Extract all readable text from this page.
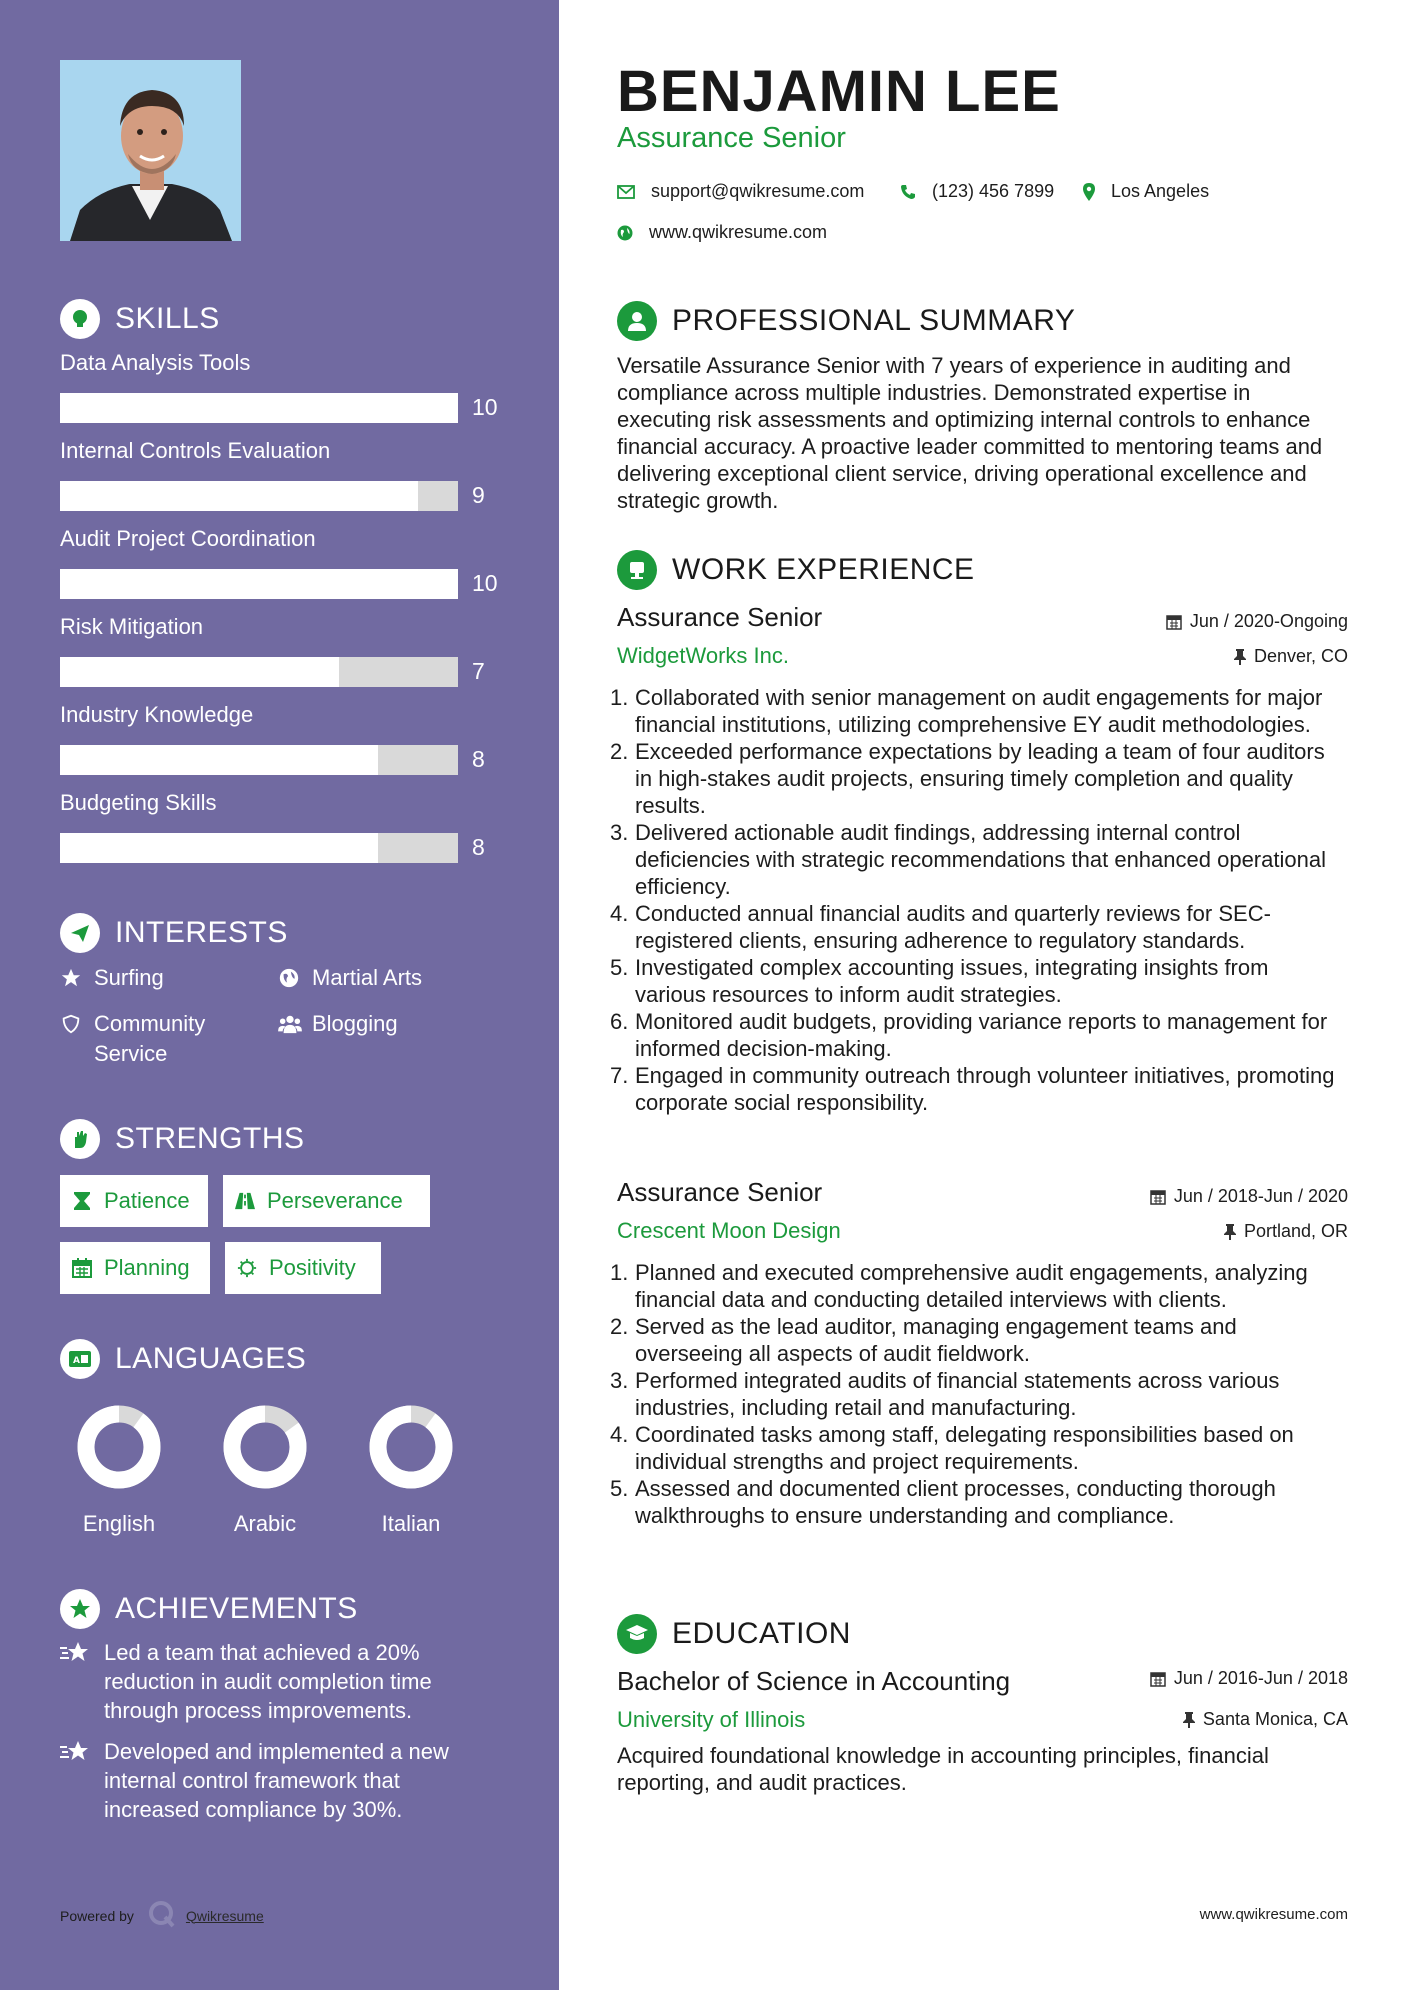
SKILLS
Data Analysis Tools
10
Internal Controls Evaluation
9
Audit Project Coordination
10
Risk Mitigation
7
Industry Knowledge
8
Budgeting Skills
8
INTERESTS
Surfing	Martial Arts
Community Service
Blogging
STRENGTHS
Patience	Perseverance
Planning	Positivity
A LANGUAGES
English	Arabic	Italian
ACHIEVEMENTS
Led a team that achieved a 20% reduction in audit completion time through process improvements.
Developed and implemented a new internal control framework that increased compliance by 30%.
Powered by	Qwikresume
BENJAMIN LEE
Assurance Senior
support@qwikresume.com	(123) 456 7899	Los Angeles
www.qwikresume.com
PROFESSIONAL SUMMARY
Versatile Assurance Senior with 7 years of experience in auditing and compliance across multiple industries. Demonstrated expertise in executing risk assessments and optimizing internal controls to enhance financial accuracy. A proactive leader committed to mentoring teams and delivering exceptional client service, driving operational excellence and strategic growth.
WORK EXPERIENCE
Assurance Senior	Jun / 2020-Ongoing
WidgetWorks Inc.	Denver, CO
1. Collaborated with senior management on audit engagements for major financial institutions, utilizing comprehensive EY audit methodologies.
2. Exceeded performance expectations by leading a team of four auditors in high-stakes audit projects, ensuring timely completion and quality results.
3. Delivered actionable audit findings, addressing internal control deficiencies with strategic recommendations that enhanced operational efficiency.
4. Conducted annual financial audits and quarterly reviews for SEC-registered clients, ensuring adherence to regulatory standards.
5. Investigated complex accounting issues, integrating insights from various resources to inform audit strategies.
6. Monitored audit budgets, providing variance reports to management for informed decision-making.
7. Engaged in community outreach through volunteer initiatives, promoting corporate social responsibility.
Assurance Senior	Jun / 2018-Jun / 2020
Crescent Moon Design	Portland, OR
1. Planned and executed comprehensive audit engagements, analyzing financial data and conducting detailed interviews with clients.
2. Served as the lead auditor, managing engagement teams and overseeing all aspects of audit fieldwork.
3. Performed integrated audits of financial statements across various industries, including retail and manufacturing.
4. Coordinated tasks among staff, delegating responsibilities based on individual strengths and project requirements.
5. Assessed and documented client processes, conducting thorough walkthroughs to ensure understanding and compliance.
EDUCATION
Bachelor of Science in Accounting	Jun / 2016-Jun / 2018
University of Illinois	Santa Monica, CA
Acquired foundational knowledge in accounting principles, financial reporting, and audit practices.
www.qwikresume.com
